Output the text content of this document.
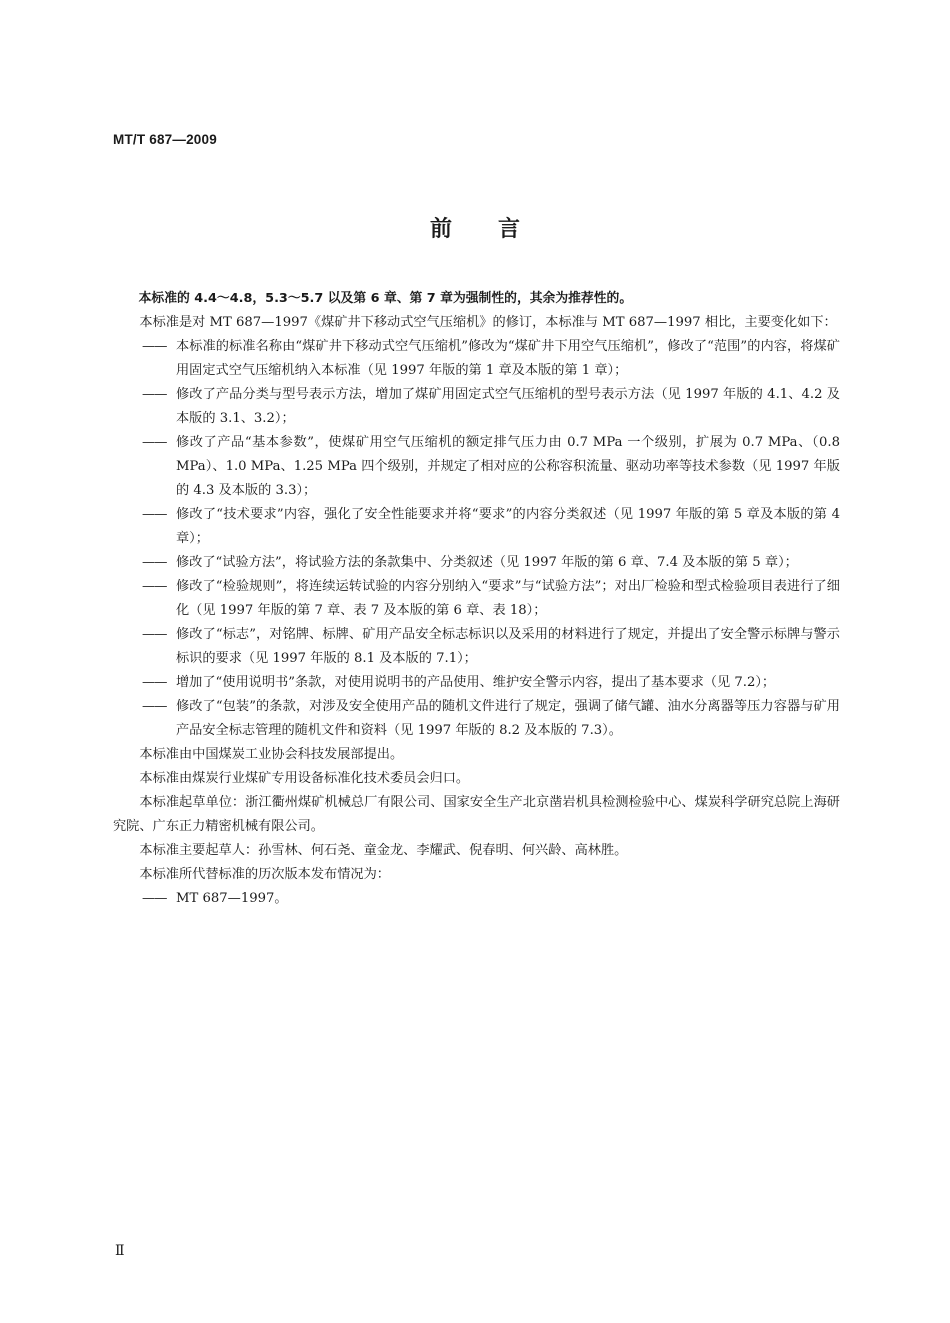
MT/T 687—2009
前言

本标准的 4.4～4.8，5.3～5.7 以及第 6 章、第 7 章为强制性的，其余为推荐性的。

本标准是对 MT 687—1997《煤矿井下移动式空气压缩机》的修订，本标准与 MT 687—1997 相比，主要变化如下：

—— 本标准的标准名称由“煤矿井下移动式空气压缩机”修改为“煤矿井下用空气压缩机”，修改了“范围”的内容，将煤矿用固定式空气压缩机纳入本标准（见 1997 年版的第 1 章及本版的第 1 章）；
—— 修改了产品分类与型号表示方法，增加了煤矿用固定式空气压缩机的型号表示方法（见 1997 年版的 4.1、4.2 及本版的 3.1、3.2）；
—— 修改了产品“基本参数”，使煤矿用空气压缩机的额定排气压力由 0.7 MPa 一个级别，扩展为 0.7 MPa、（0.8 MPa）、1.0 MPa、1.25 MPa 四个级别，并规定了相对应的公称容积流量、驱动功率等技术参数（见 1997 年版的 4.3 及本版的 3.3）；
—— 修改了“技术要求”内容，强化了安全性能要求并将“要求”的内容分类叙述（见 1997 年版的第 5 章及本版的第 4 章）；
—— 修改了“试验方法”，将试验方法的条款集中、分类叙述（见 1997 年版的第 6 章、7.4 及本版的第 5 章）；
—— 修改了“检验规则”，将连续运转试验的内容分别纳入“要求”与“试验方法”；对出厂检验和型式检验项目表进行了细化（见 1997 年版的第 7 章、表 7 及本版的第 6 章、表 18）；
—— 修改了“标志”，对铭牌、标牌、矿用产品安全标志标识以及采用的材料进行了规定，并提出了安全警示标牌与警示标识的要求（见 1997 年版的 8.1 及本版的 7.1）；
—— 增加了“使用说明书”条款，对使用说明书的产品使用、维护安全警示内容，提出了基本要求（见 7.2）；
—— 修改了“包装”的条款，对涉及安全使用产品的随机文件进行了规定，强调了储气罐、油水分离器等压力容器与矿用产品安全标志管理的随机文件和资料（见 1997 年版的 8.2 及本版的 7.3）。

本标准由中国煤炭工业协会科技发展部提出。

本标准由煤炭行业煤矿专用设备标准化技术委员会归口。

本标准起草单位：浙江衢州煤矿机械总厂有限公司、国家安全生产北京凿岩机具检测检验中心、煤炭科学研究总院上海研究院、广东正力精密机械有限公司。

本标准主要起草人：孙雪林、何石尧、童金龙、李耀武、倪春明、何兴龄、高林胜。

本标准所代替标准的历次版本发布情况为：

—— MT 687—1997。
Ⅱ
